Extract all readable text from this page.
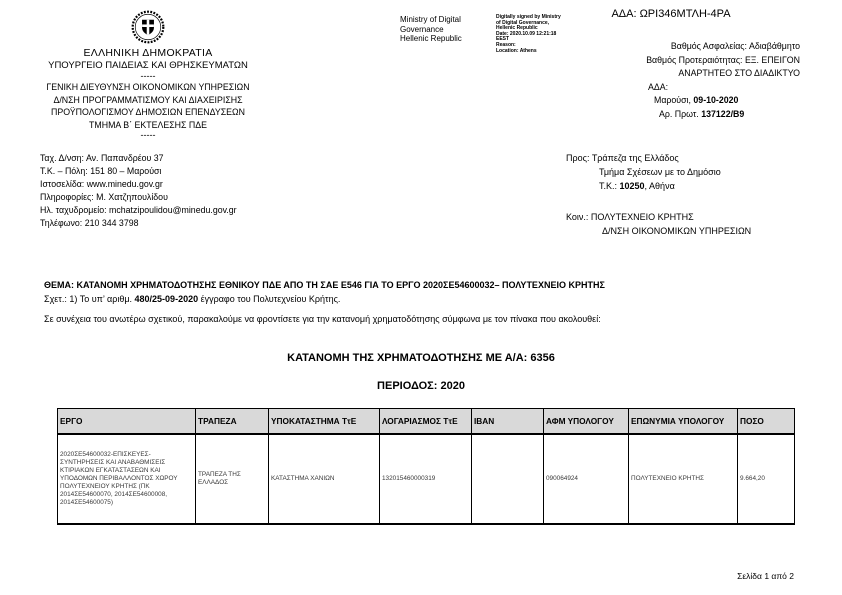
ΑΔΑ: ΩΡΙ346ΜΤΛΗ-4ΡΑ
ΕΛΛΗΝΙΚΗ ΔΗΜΟΚΡΑΤΙΑ
ΥΠΟΥΡΓΕΙΟ ΠΑΙΔΕΙΑΣ ΚΑΙ ΘΡΗΣΚΕΥΜΑΤΩΝ
-----
ΓΕΝΙΚΗ ΔΙΕΥΘΥΝΣΗ ΟΙΚΟΝΟΜΙΚΩΝ ΥΠΗΡΕΣΙΩΝ
Δ/ΝΣΗ ΠΡΟΓΡΑΜΜΑΤΙΣΜΟΥ ΚΑΙ ΔΙΑΧΕΙΡΙΣΗΣ
ΠΡΟΫΠΟΛΟΓΙΣΜΟΥ ΔΗΜΟΣΙΩΝ ΕΠΕΝΔΥΣΕΩΝ
ΤΜΗΜΑ Β΄ ΕΚΤΕΛΕΣΗΣ ΠΔΕ
-----
Ταχ. Δ/νση: Αν. Παπανδρέου 37
Τ.Κ. – Πόλη: 151 80 – Μαρούσι
Ιστοσελίδα: www.minedu.gov.gr
Πληροφορίες: Μ. Χατζηπουλίδου
Ηλ. ταχυδρομείο: mchatzipoulidou@minedu.gov.gr
Τηλέφωνο: 210 344 3798
Ministry of Digital
Governance
Hellenic Republic
Digitally signed by Ministry
of Digital Governance,
Hellenic Republic
Date: 2020.10.09 12:21:18
EEST
Reason:
Location: Athens	Βαθμός Ασφαλείας: Αδιαβάθμητο
Βαθμός Προτεραιότητας: ΕΞ. ΕΠΕΙΓΟΝ
ΑΝΑΡΤΗΤΕΟ ΣΤΟ ΔΙΑΔΙΚΤΥΟ
ΑΔΑ:
Μαρούσι, 09-10-2020
Αρ. Πρωτ. 137122/Β9
Προς: Τράπεζα της Ελλάδος
Τμήμα Σχέσεων με το Δημόσιο
Τ.Κ.: 10250, Αθήνα
Κοιν.: ΠΟΛΥΤΕΧΝΕΙΟ ΚΡΗΤΗΣ
Δ/ΝΣΗ ΟΙΚΟΝΟΜΙΚΩΝ ΥΠΗΡΕΣΙΩΝ
ΘΕΜΑ: ΚΑΤΑΝΟΜΗ ΧΡΗΜΑΤΟΔΟΤΗΣΗΣ ΕΘΝΙΚΟΥ ΠΔΕ ΑΠΟ ΤΗ ΣΑΕ Ε546 ΓΙΑ ΤΟ ΕΡΓΟ 2020ΣΕ54600032– ΠΟΛΥΤΕΧΝΕΙΟ ΚΡΗΤΗΣ
Σχετ.: 1) Το υπ’ αριθμ. 480/25-09-2020 έγγραφο του Πολυτεχνείου Κρήτης.
Σε συνέχεια του ανωτέρω σχετικού, παρακαλούμε να φροντίσετε για την κατανομή χρηματοδότησης σύμφωνα με τον πίνακα που ακολουθεί:
ΚΑΤΑΝΟΜΗ ΤΗΣ ΧΡΗΜΑΤΟΔΟΤΗΣΗΣ ΜΕ Α/Α: 6356
ΠΕΡΙΟΔΟΣ: 2020
ΕΡΓΟ	ΤΡΑΠΕΖΑ	ΥΠΟΚΑΤΑΣΤΗΜΑ ΤτΕ	ΛΟΓΑΡΙΑΣΜΟΣ ΤτΕ	ΙΒΑΝ	ΑΦΜ ΥΠΟΛΟΓΟΥ	ΕΠΩΝΥΜΙΑ ΥΠΟΛΟΓΟΥ	ΠΟΣΟ
2020ΣΕ54600032-ΕΠΙΣΚΕΥΕΣ-ΣΥΝΤΗΡΗΣΕΙΣ ΚΑΙ ΑΝΑΒΑΘΜΙΣΕΙΣ ΚΤΙΡΙΑΚΩΝ ΕΓΚΑΤΑΣΤΑΣΕΩΝ ΚΑΙ ΥΠΟΔΟΜΩΝ ΠΕΡΙΒΑΛΛΟΝΤΟΣ ΧΩΡΟΥ ΠΟΛΥΤΕΧΝΕΙΟΥ ΚΡΗΤΗΣ (ΠΚ 2014ΣΕ54600070, 2014ΣΕ54600008, 2014ΣΕ54600075)	ΤΡΑΠΕΖΑ ΤΗΣ ΕΛΛΑΔΟΣ	ΚΑΤΑΣΤΗΜΑ ΧΑΝΙΩΝ	132015460000319		090064924	ΠΟΛΥΤΕΧΝΕΙΟ ΚΡΗΤΗΣ	9.664,20
Σελίδα 1 από 2
